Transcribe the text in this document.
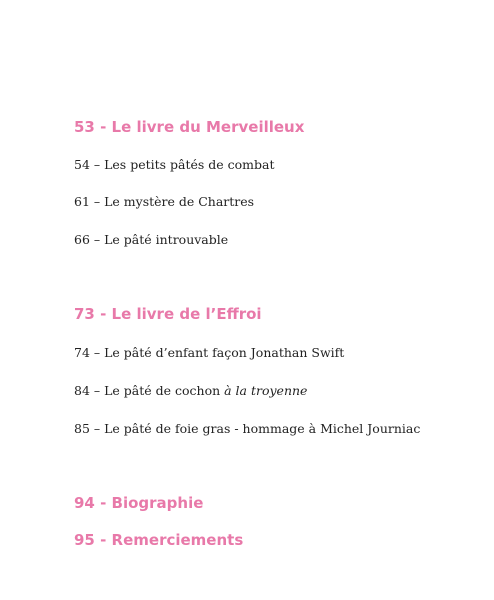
53 - Le livre du Merveilleux

54 – Les petits pâtés de combat

61 – Le mystère de Chartres

66 – Le pâté introuvable

73 - Le livre de l’Effroi

74 – Le pâté d’enfant façon Jonathan Swift

84 – Le pâté de cochon à la troyenne

85 – Le pâté de foie gras - hommage à Michel Journiac

94 - Biographie
95 - Remerciements
